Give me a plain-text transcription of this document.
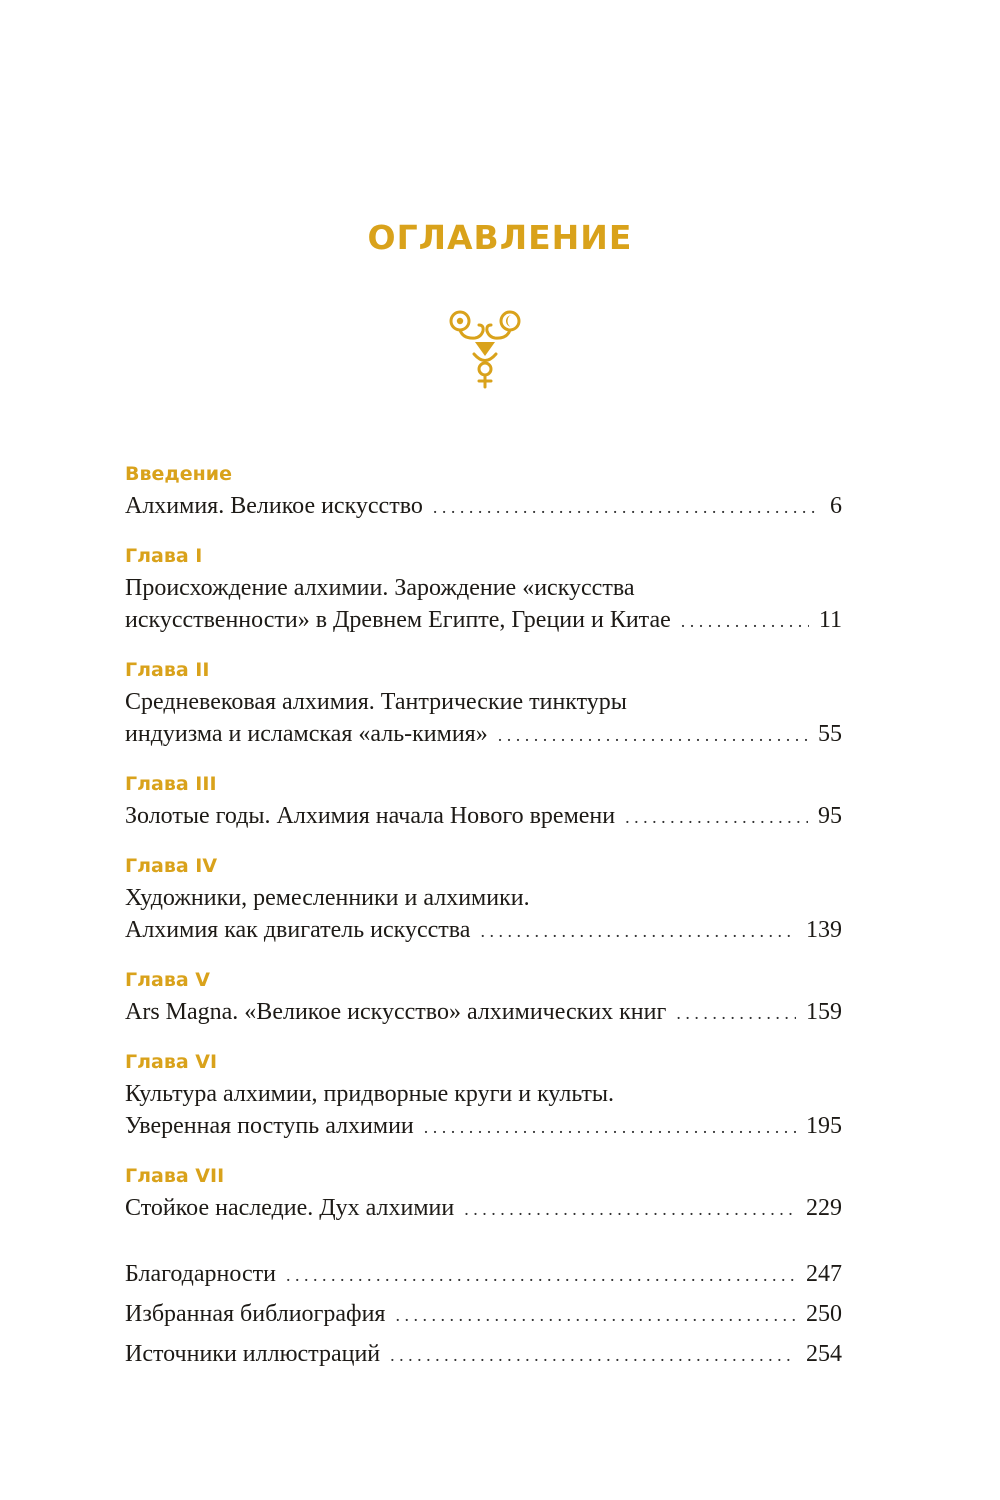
ОГЛАВЛЕНИЕ
Введение
Алхимия. Великое искусство . . .	6
Глава I
Происхождение алхимии. Зарождение «искусства
искусственности» в Древнем Египте, Греции и Китае . . .	11
Глава II
Средневековая алхимия. Тантрические тинктуры
индуизма и исламская «аль-кимия» . . .	55
Глава III
Золотые годы. Алхимия начала Нового времени . . .	95
Глава IV
Художники, ремесленники и алхимики.
Алхимия как двигатель искусства . . .	139
Глава V
Ars Magna. «Великое искусство» алхимических книг . . .	159
Глава VI
Культура алхимии, придворные круги и культы.
Уверенная поступь алхимии . . .	195
Глава VII
Стойкое наследие. Дух алхимии . . .	229
Благодарности . . .	247
Избранная библиография . . .	250
Источники иллюстраций . . .	254
